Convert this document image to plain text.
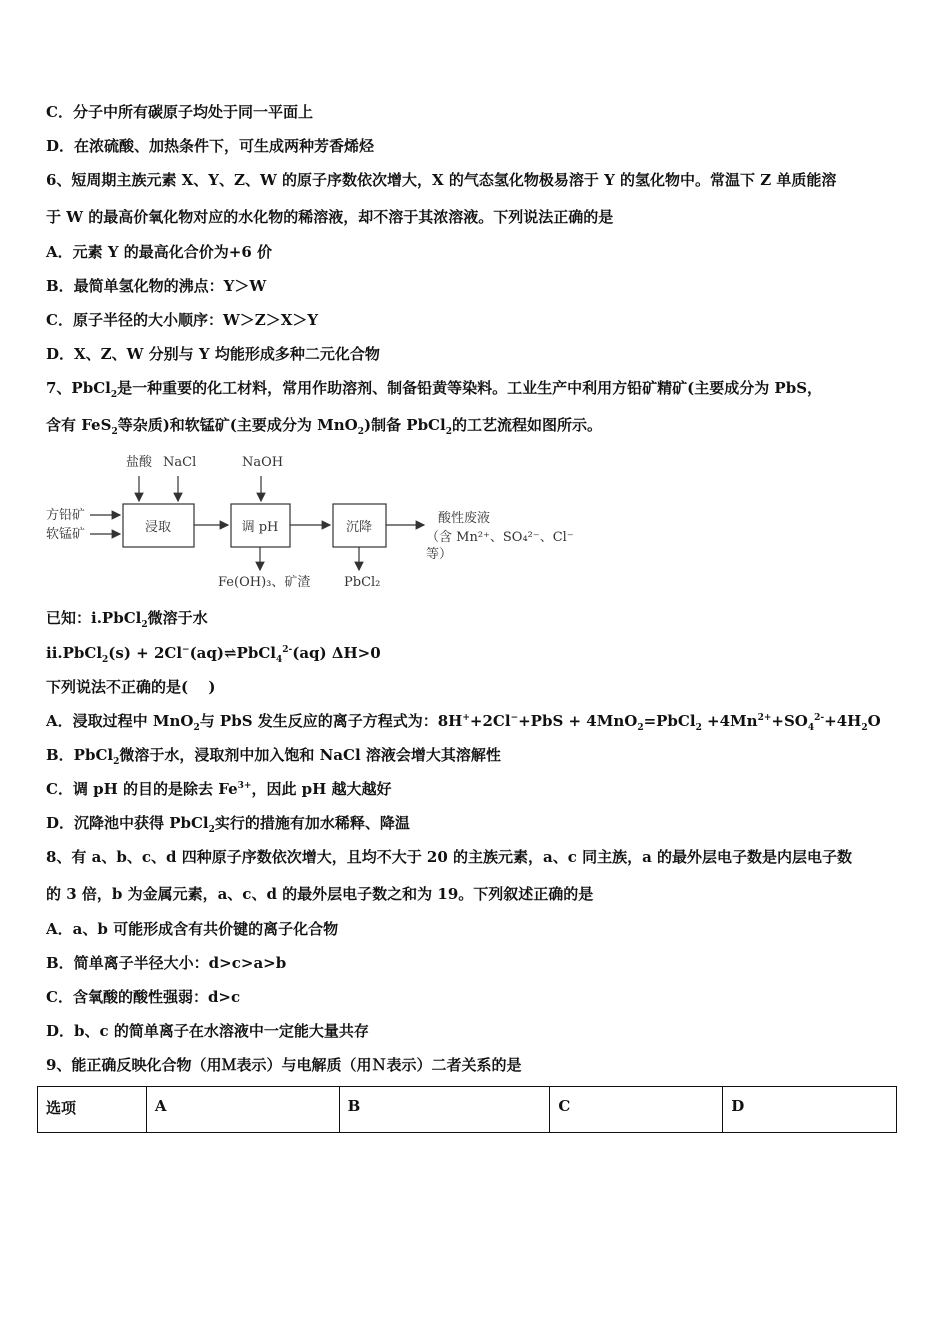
C．分子中所有碳原子均处于同一平面上
D．在浓硫酸、加热条件下，可生成两种芳香烯烃
6、短周期主族元素 X、Y、Z、W 的原子序数依次增大，X 的气态氢化物极易溶于 Y 的氢化物中。常温下 Z 单质能溶
于 W 的最高价氧化物对应的水化物的稀溶液，却不溶于其浓溶液。下列说法正确的是
A．元素 Y 的最高化合价为+6 价
B．最简单氢化物的沸点：Y＞W
C．原子半径的大小顺序：W＞Z＞X＞Y
D．X、Z、W 分别与 Y 均能形成多种二元化合物
7、PbCl$_2$是一种重要的化工材料，常用作助溶剂、制备铅黄等染料。工业生产中利用方铅矿精矿(主要成分为 PbS，
含有 FeS$_2$等杂质)和软锰矿(主要成分为 MnO$_2$)制备 PbCl$_2$的工艺流程如图所示。
方铅矿
软锰矿
盐酸 NaCl
浸取
NaOH
调 pH
Fe(OH)₃、矿渣
沉降
PbCl₂
酸性废液
（含 Mn²⁺、SO₄²⁻、Cl⁻
等）
已知：i.PbCl$_2$微溶于水
ii.PbCl$_2$(s) + 2Cl−(aq)⇌PbCl$_4^{2-}$(aq) ΔH>0
下列说法不正确的是(　 )
A．浸取过程中 MnO$_2$与 PbS 发生反应的离子方程式为：8H++2Cl−+PbS + 4MnO$_2$=PbCl$_2$ $+4Mn^{2+}+SO_4^{2-}+4H_2O$
B．PbCl$_2$微溶于水，浸取剂中加入饱和 NaCl 溶液会增大其溶解性
C．调 pH 的目的是除去 $Fe^{3+}$，因此 pH 越大越好
D．沉降池中获得 PbCl$_2$实行的措施有加水稀释、降温
8、有 a、b、c、d 四种原子序数依次增大，且均不大于 20 的主族元素，a、c 同主族，a 的最外层电子数是内层电子数
的 3 倍，b 为金属元素，a、c、d 的最外层电子数之和为 19。下列叙述正确的是
A．a、b 可能形成含有共价键的离子化合物
B．简单离子半径大小：d>c>a>b
C．含氧酸的酸性强弱：d>c
D．b、c 的简单离子在水溶液中一定能大量共存
9、能正确反映化合物（用Ｍ表示）与电解质（用Ｎ表示）二者关系的是
选项	A	B	C	D
